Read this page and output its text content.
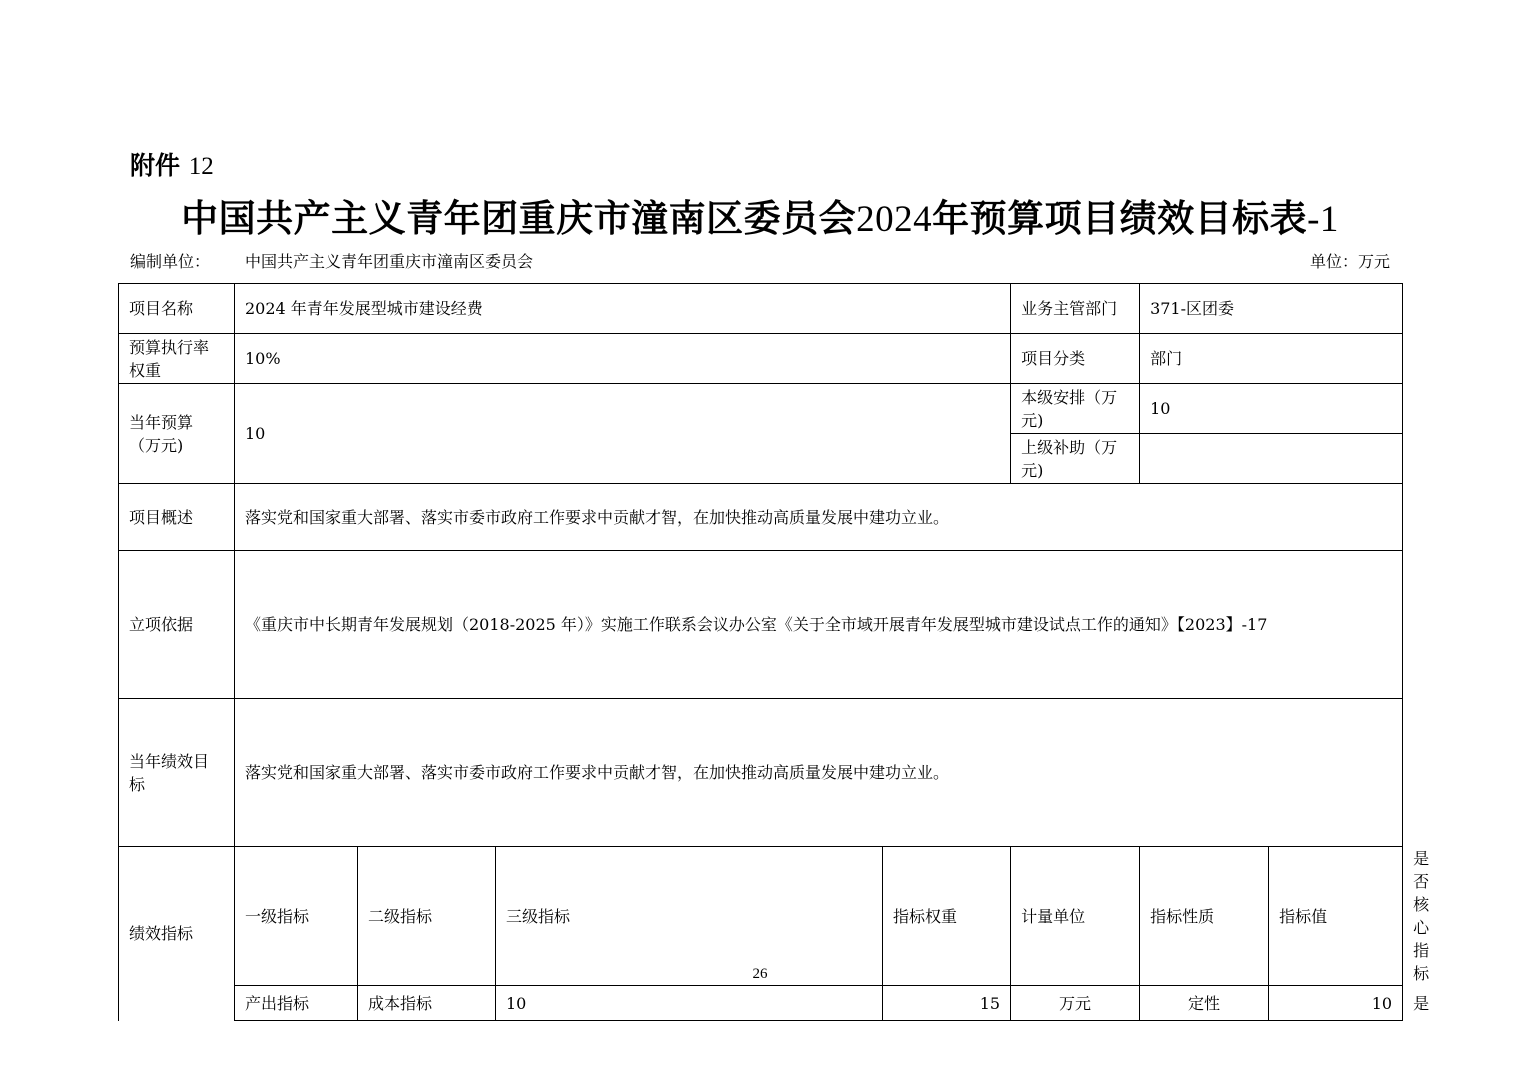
附件 12
中国共产主义青年团重庆市潼南区委员会2024年预算项目绩效目标表-1
编制单位： 中国共产主义青年团重庆市潼南区委员会	单位：万元
项目名称	2024 年青年发展型城市建设经费				业务主管部门	371-区团委		
预算执行率权重	10%				项目分类	部门		
当年预算（万元)	10				本级安排（万元)	10		
					上级补助（万元)			
项目概述	落实党和国家重大部署、落实市委市政府工作要求中贡献才智，在加快推动高质量发展中建功立业。							
立项依据	《重庆市中长期青年发展规划（2018-2025 年）》实施工作联系会议办公室《关于全市域开展青年发展型城市建设试点工作的通知》【2023】-17							
当年绩效目标	落实党和国家重大部署、落实市委市政府工作要求中贡献才智，在加快推动高质量发展中建功立业。							
绩效指标	一级指标	二级指标	三级指标	指标权重	计量单位	指标性质	指标值	是否核心指标
	产出指标	成本指标	10	15	万元	定性	10	是
26
